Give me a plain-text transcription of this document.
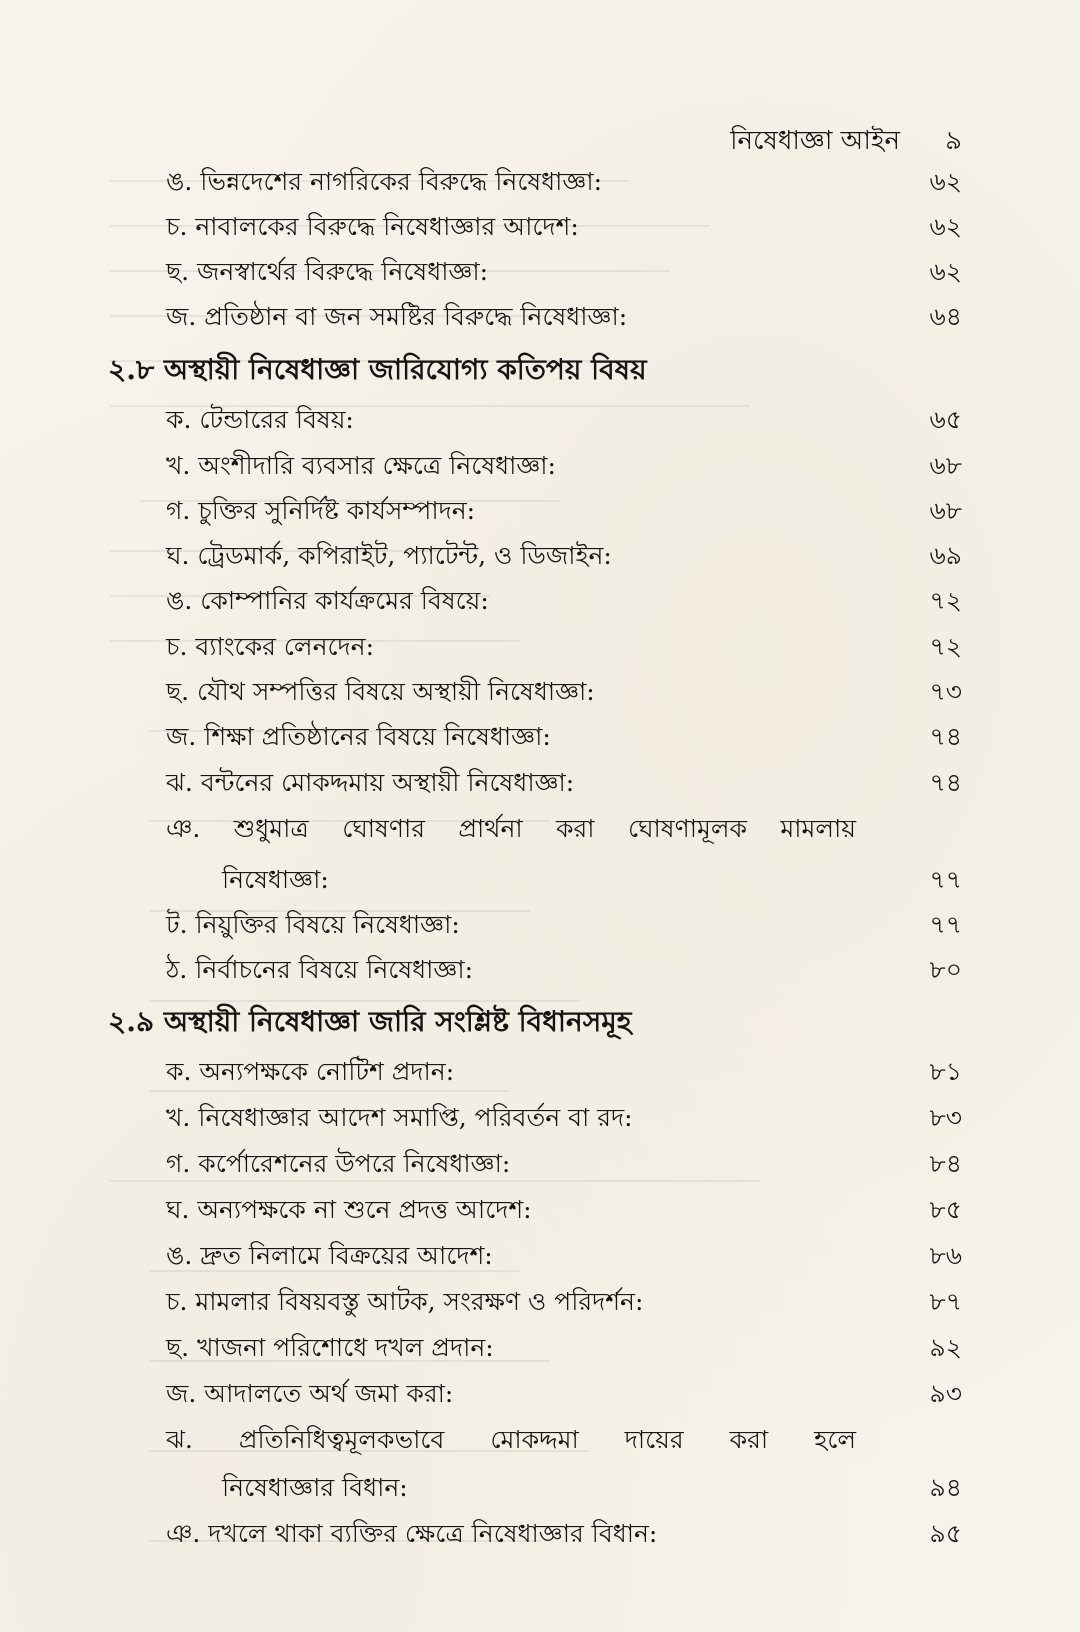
নিষেধাজ্ঞা আইন ৯
ঙ. ভিন্নদেশের নাগরিকের বিরুদ্ধে নিষেধাজ্ঞা:	৬২
চ. নাবালকের বিরুদ্ধে নিষেধাজ্ঞার আদেশ:	৬২
ছ. জনস্বার্থের বিরুদ্ধে নিষেধাজ্ঞা:	৬২
জ. প্রতিষ্ঠান বা জন সমষ্টির বিরুদ্ধে নিষেধাজ্ঞা:	৬৪
২.৮ অস্থায়ী নিষেধাজ্ঞা জারিযোগ্য কতিপয় বিষয়
ক. টেন্ডারের বিষয়:	৬৫
খ. অংশীদারি ব্যবসার ক্ষেত্রে নিষেধাজ্ঞা:	৬৮
গ. চুক্তির সুনির্দিষ্ট কার্যসম্পাদন:	৬৮
ঘ. ট্রেডমার্ক, কপিরাইট, প্যাটেন্ট, ও ডিজাইন:	৬৯
ঙ. কোম্পানির কার্যক্রমের বিষয়ে:	৭২
চ. ব্যাংকের লেনদেন:	৭২
ছ. যৌথ সম্পত্তির বিষয়ে অস্থায়ী নিষেধাজ্ঞা:	৭৩
জ. শিক্ষা প্রতিষ্ঠানের বিষয়ে নিষেধাজ্ঞা:	৭৪
ঝ. বন্টনের মোকদ্দমায় অস্থায়ী নিষেধাজ্ঞা:	৭৪
ঞ. শুধুমাত্র ঘোষণার প্রার্থনা করা ঘোষণামূলক মামলায়
নিষেধাজ্ঞা:	৭৭
ট. নিয়ুক্তির বিষয়ে নিষেধাজ্ঞা:	৭৭
ঠ. নির্বাচনের বিষয়ে নিষেধাজ্ঞা:	৮০
২.৯ অস্থায়ী নিষেধাজ্ঞা জারি সংশ্লিষ্ট বিধানসমূহ
ক. অন্যপক্ষকে নোটিশ প্রদান:	৮১
খ. নিষেধাজ্ঞার আদেশ সমাপ্তি, পরিবর্তন বা রদ:	৮৩
গ. কর্পোরেশনের উপরে নিষেধাজ্ঞা:	৮৪
ঘ. অন্যপক্ষকে না শুনে প্রদত্ত আদেশ:	৮৫
ঙ. দ্রুত নিলামে বিক্রয়ের আদেশ:	৮৬
চ. মামলার বিষয়বস্তু আটক, সংরক্ষণ ও পরিদর্শন:	৮৭
ছ. খাজনা পরিশোধে দখল প্রদান:	৯২
জ. আদালতে অর্থ জমা করা:	৯৩
ঝ. প্রতিনিধিত্বমূলকভাবে মোকদ্দমা দায়ের করা হলে
নিষেধাজ্ঞার বিধান:	৯৪
ঞ. দখলে থাকা ব্যক্তির ক্ষেত্রে নিষেধাজ্ঞার বিধান:	৯৫
